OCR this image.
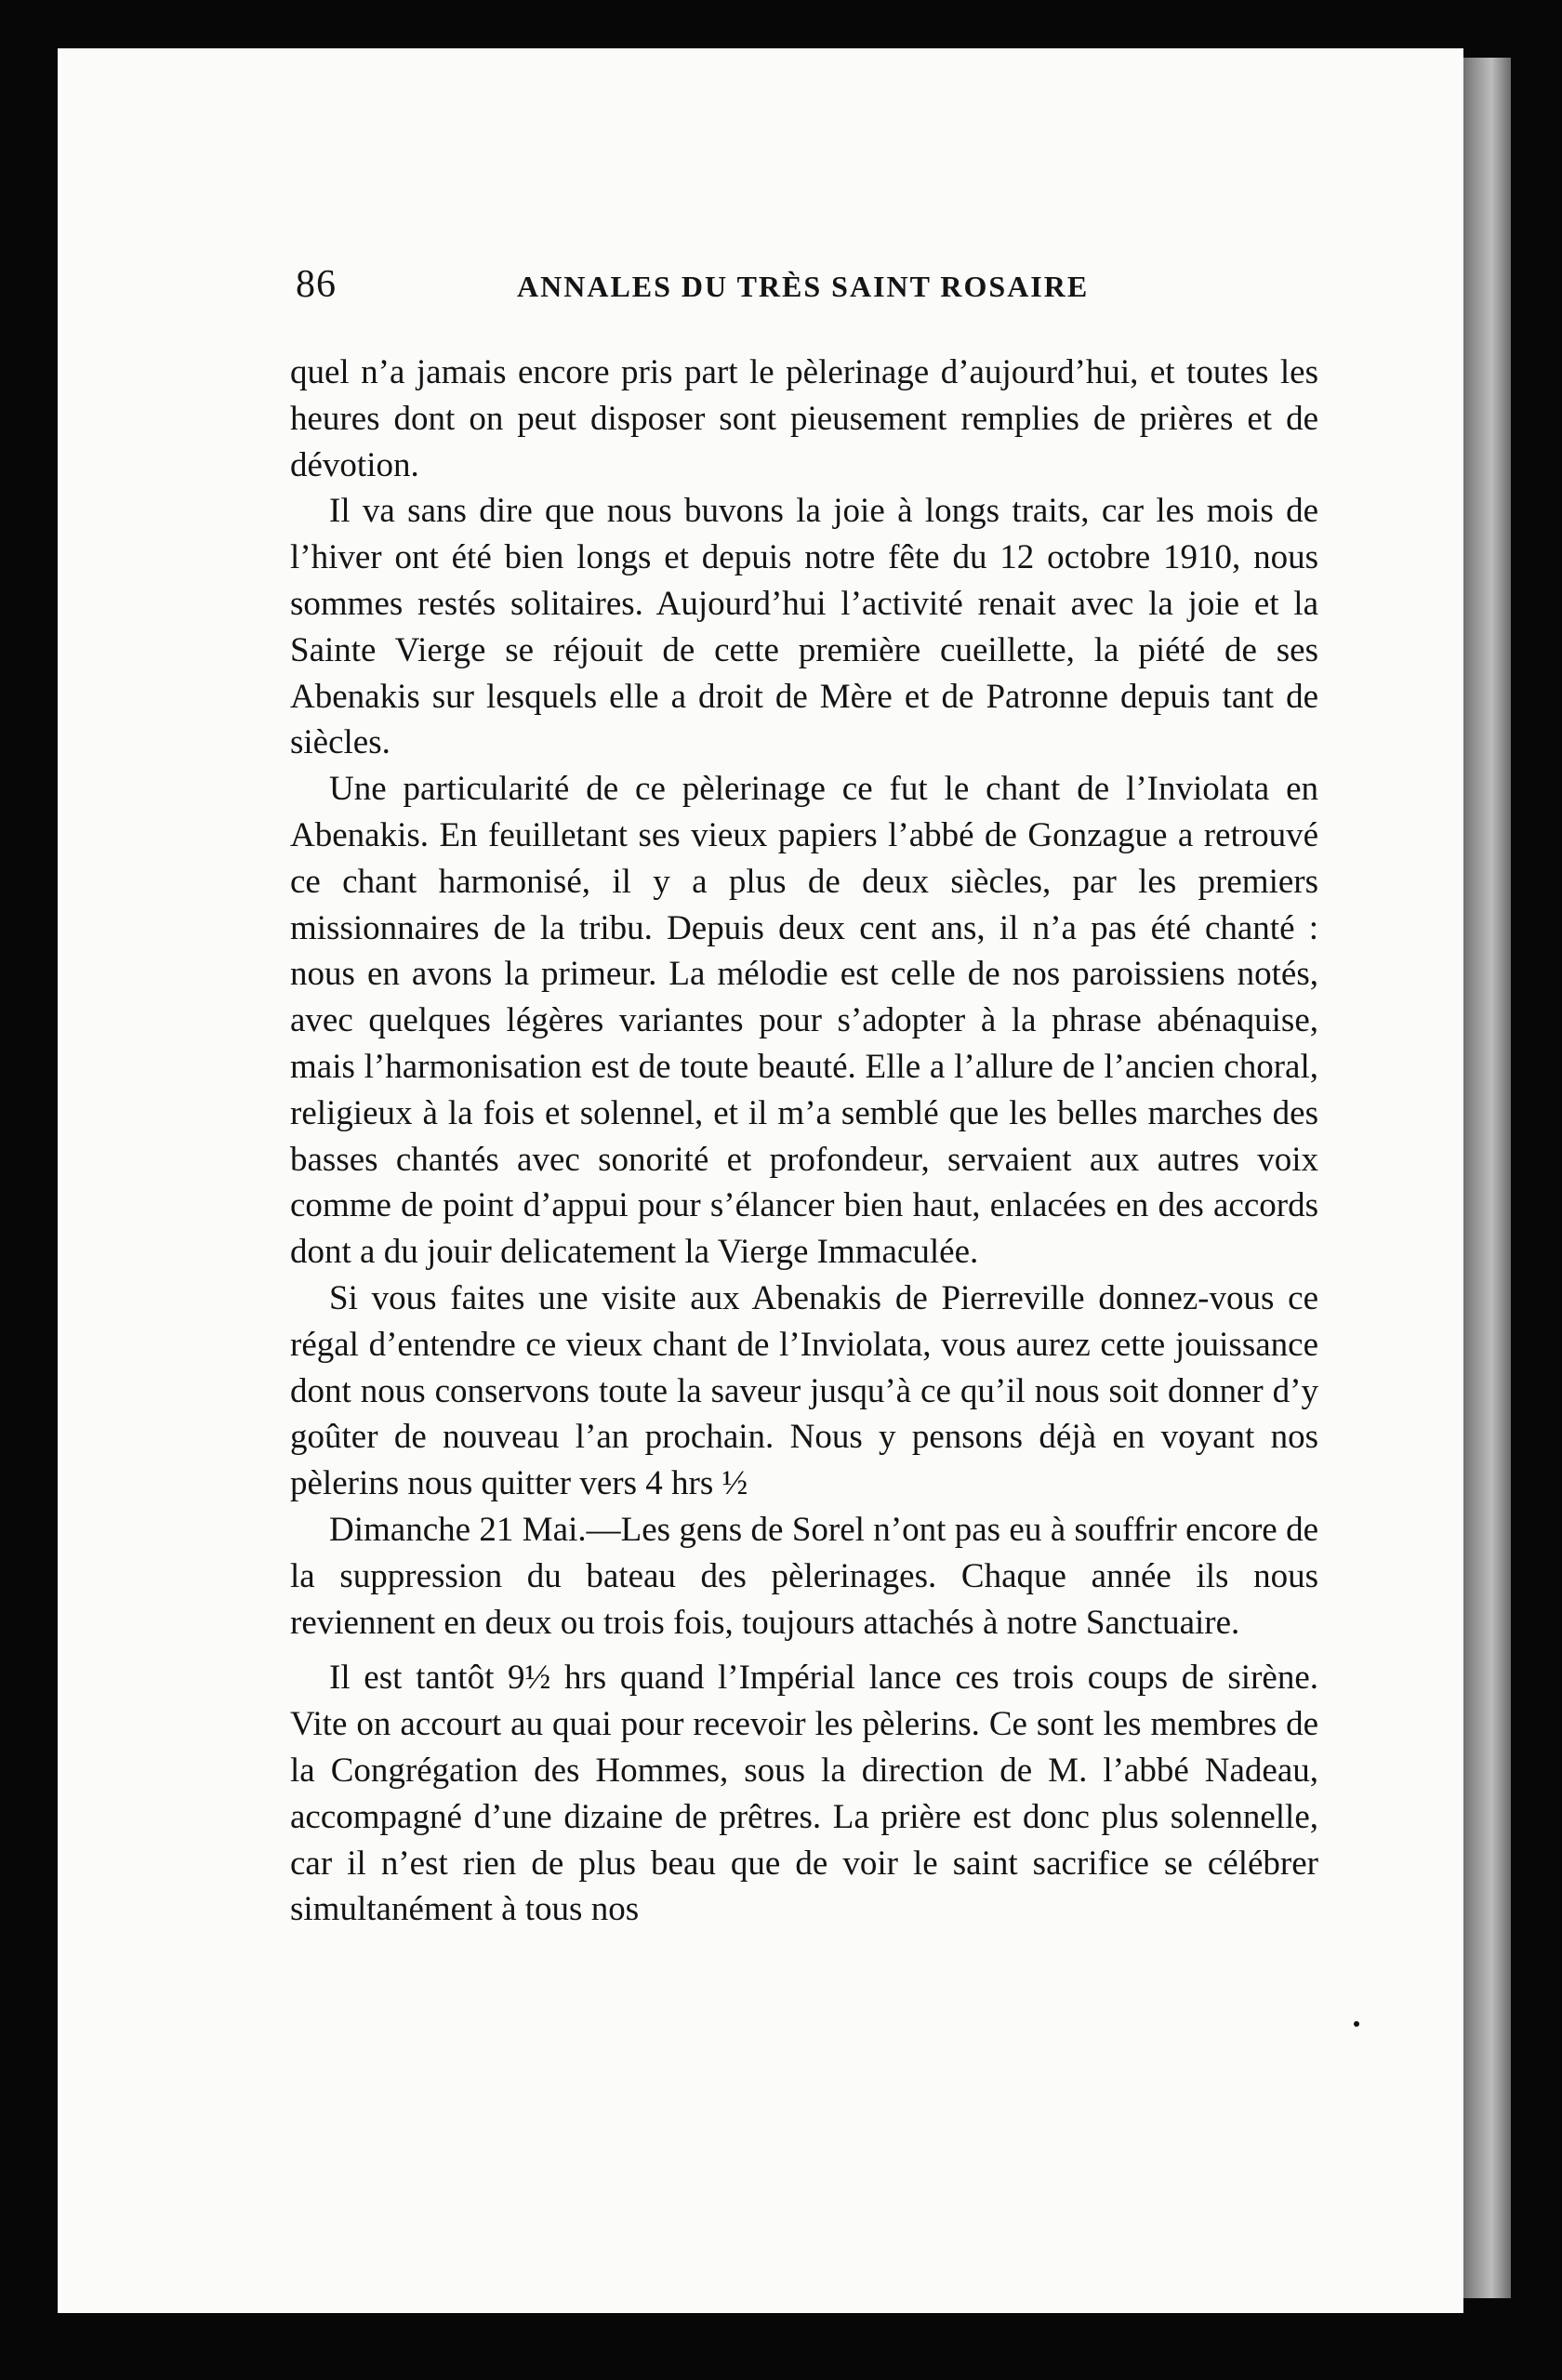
86	ANNALES DU TRÈS SAINT ROSAIRE

quel n’a jamais encore pris part le pèlerinage d’aujourd’hui, et toutes les heures dont on peut disposer sont pieusement remplies de prières et de dévotion.

Il va sans dire que nous buvons la joie à longs traits, car les mois de l’hiver ont été bien longs et depuis notre fête du 12 octobre 1910, nous sommes restés solitaires. Aujourd’hui l’activité renait avec la joie et la Sainte Vierge se réjouit de cette première cueillette, la piété de ses Abenakis sur lesquels elle a droit de Mère et de Patronne depuis tant de siècles.

Une particularité de ce pèlerinage ce fut le chant de l’Inviolata en Abenakis. En feuilletant ses vieux papiers l’abbé de Gonzague a retrouvé ce chant harmonisé, il y a plus de deux siècles, par les premiers missionnaires de la tribu. Depuis deux cent ans, il n’a pas été chanté : nous en avons la primeur. La mélodie est celle de nos paroissiens notés, avec quelques légères variantes pour s’adopter à la phrase abénaquise, mais l’harmonisation est de toute beauté. Elle a l’allure de l’ancien choral, religieux à la fois et solennel, et il m’a semblé que les belles marches des basses chantés avec sonorité et profondeur, servaient aux autres voix comme de point d’appui pour s’élancer bien haut, enlacées en des accords dont a du jouir delicatement la Vierge Immaculée.

Si vous faites une visite aux Abenakis de Pierreville donnez-vous ce régal d’entendre ce vieux chant de l’Inviolata, vous aurez cette jouissance dont nous conservons toute la saveur jusqu’à ce qu’il nous soit donner d’y goûter de nouveau l’an prochain. Nous y pensons déjà en voyant nos pèlerins nous quitter vers 4 hrs ½

Dimanche 21 Mai.—Les gens de Sorel n’ont pas eu à souffrir encore de la suppression du bateau des pèlerinages. Chaque année ils nous reviennent en deux ou trois fois, toujours attachés à notre Sanctuaire.

Il est tantôt 9½ hrs quand l’Impérial lance ces trois coups de sirène. Vite on accourt au quai pour recevoir les pèlerins. Ce sont les membres de la Congrégation des Hommes, sous la direction de M. l’abbé Nadeau, accompagné d’une dizaine de prêtres. La prière est donc plus solennelle, car il n’est rien de plus beau que de voir le saint sacrifice se célébrer simultanément à tous nos
